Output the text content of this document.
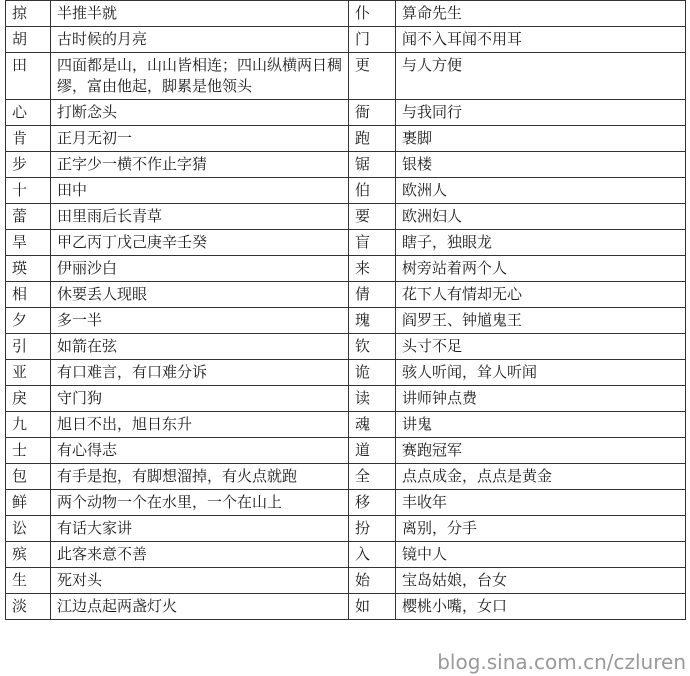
掠	半推半就	仆	算命先生
胡	古时候的月亮	门	闻不入耳闻不用耳
田	四面都是山，山山皆相连；四山纵横两日稠缪，富由他起，脚累是他领头	更	与人方便
心	打断念头	衙	与我同行
肯	正月无初一	跑	裹脚
步	正字少一横不作止字猜	锯	银楼
十	田中	伯	欧洲人
蕾	田里雨后长青草	要	欧洲妇人
旱	甲乙丙丁戊己庚辛壬癸	盲	瞎子，独眼龙
瑛	伊丽沙白	来	树旁站着两个人
相	休要丢人现眼	倩	花下人有情却无心
夕	多一半	瑰	阎罗王、钟馗鬼王
引	如箭在弦	钦	头寸不足
亚	有口难言，有口难分诉	诡	骇人听闻，耸人听闻
戾	守门狗	读	讲师钟点费
九	旭日不出，旭日东升	魂	讲鬼
士	有心得志	道	赛跑冠军
包	有手是抱，有脚想溜掉，有火点就跑	全	点点成金，点点是黄金
鲜	两个动物一个在水里，一个在山上	移	丰收年
讼	有话大家讲	扮	离别，分手
殡	此客来意不善	入	镜中人
生	死对头	始	宝岛姑娘，台女
淡	江边点起两盏灯火	如	樱桃小嘴，女口
blog.sina.com.cn/czluren
